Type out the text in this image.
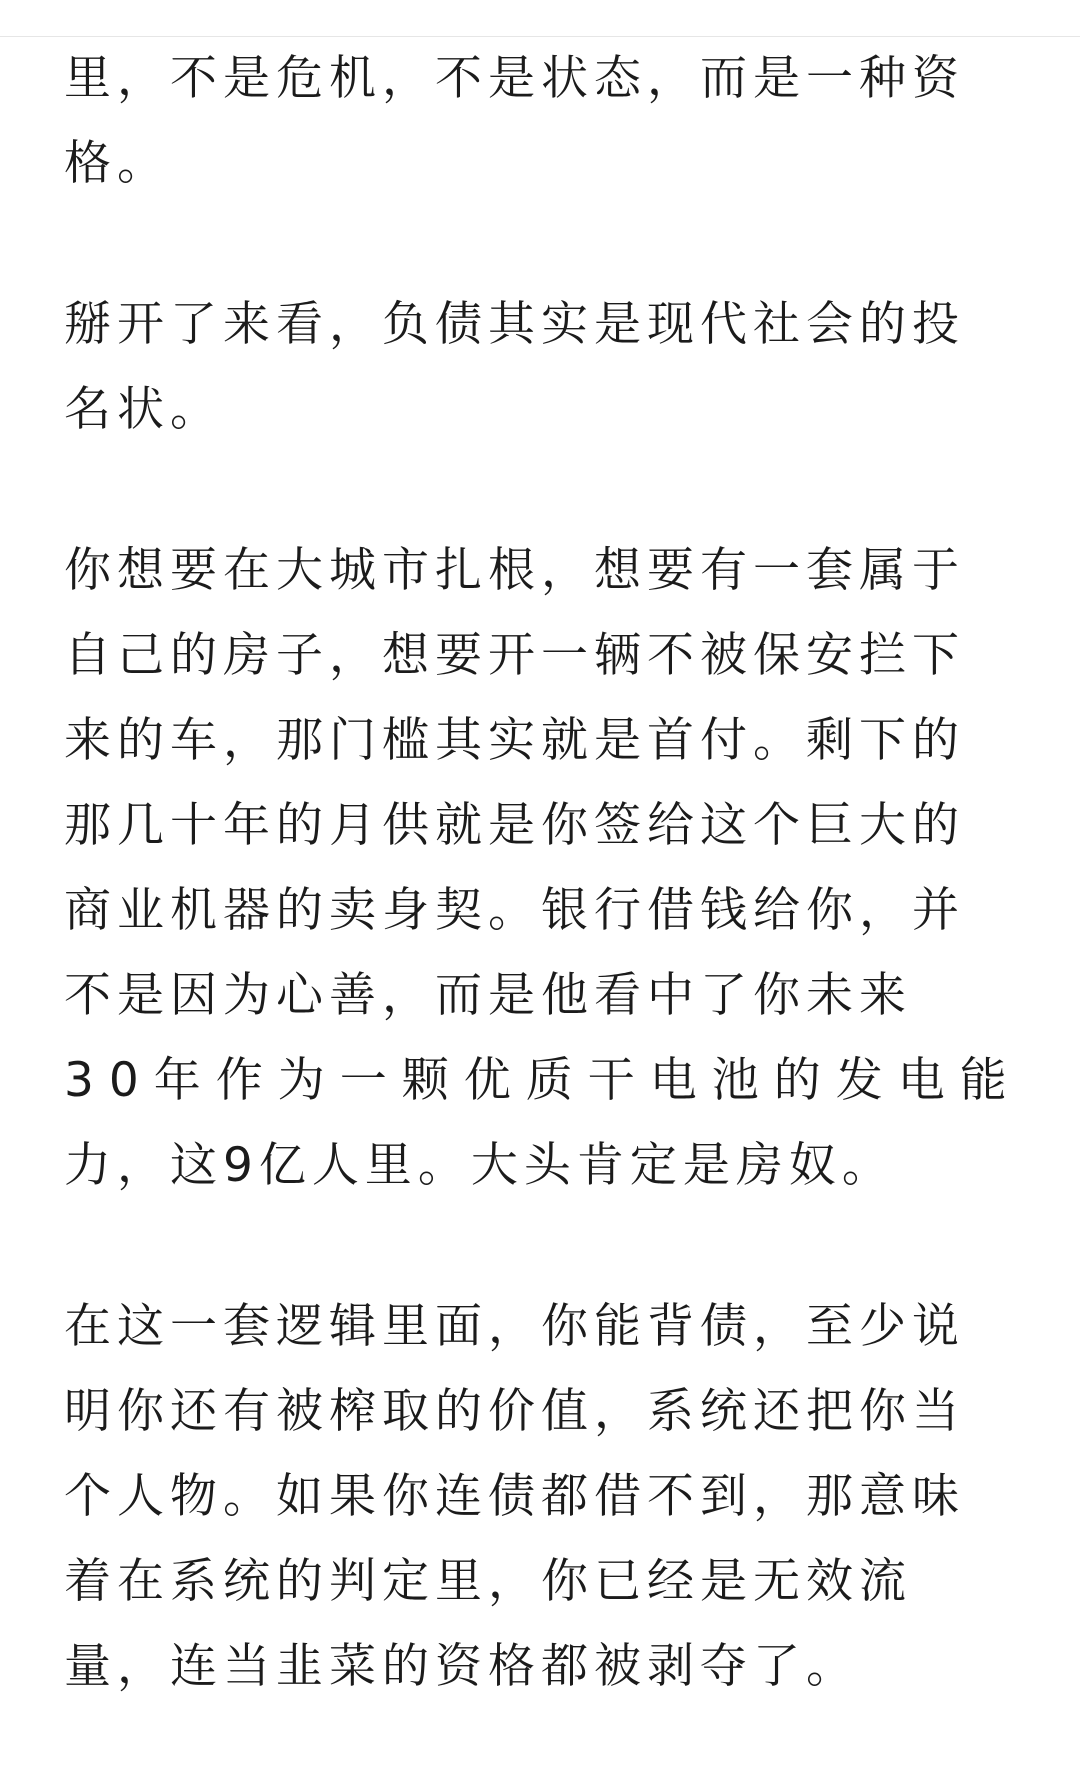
里，不是危机，不是状态，而是一种资
格。
掰开了来看，负债其实是现代社会的投
名状。
你想要在大城市扎根，想要有一套属于
自己的房子，想要开一辆不被保安拦下
来的车，那门槛其实就是首付。剩下的
那几十年的月供就是你签给这个巨大的
商业机器的卖身契。银行借钱给你，并
不是因为心善，而是他看中了你未来
30年作为一颗优质干电池的发电能
力，这9亿人里。大头肯定是房奴。
在这一套逻辑里面，你能背债，至少说
明你还有被榨取的价值，系统还把你当
个人物。如果你连债都借不到，那意味
着在系统的判定里，你已经是无效流
量，连当韭菜的资格都被剥夺了。
